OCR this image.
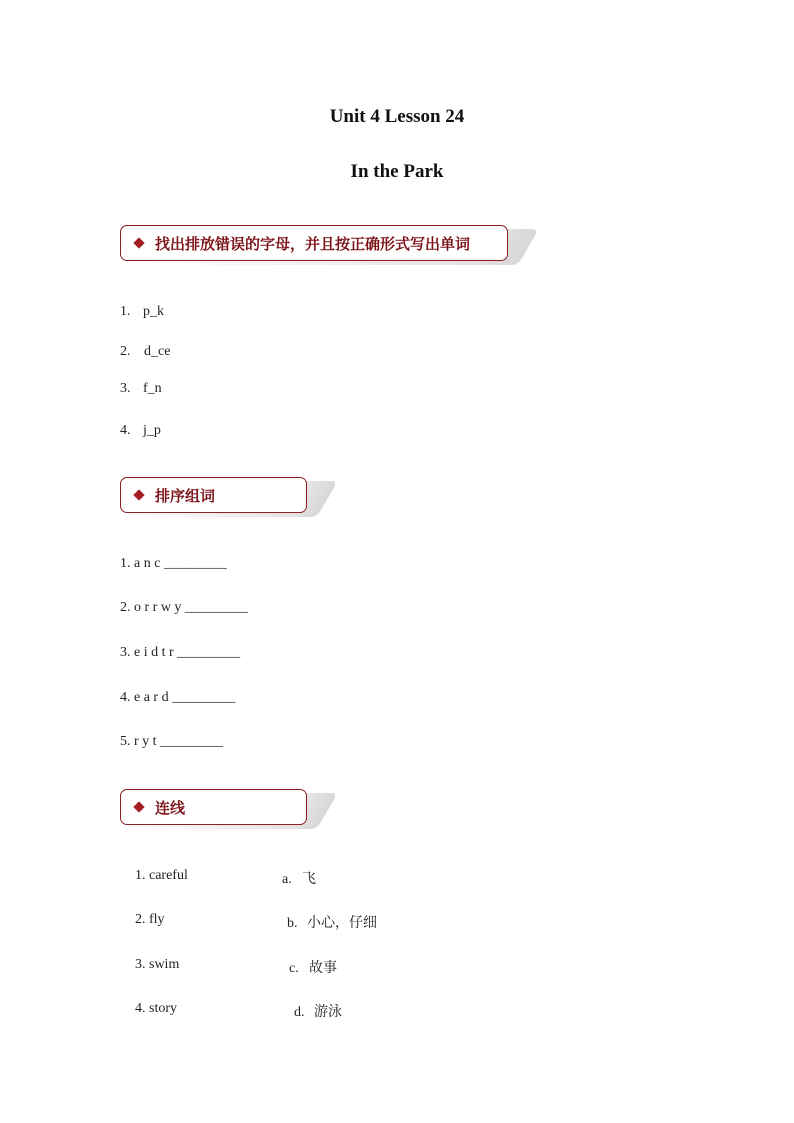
Unit 4 Lesson 24
In the Park
找出排放错误的字母，并且按正确形式写出单词
1. p_k
2. d_ce
3. f_n
4. j_p
排序组词
1. a n c _________
2. o r r w y _________
3. e i d t r _________
4. e a r d _________
5. r y t _________
连线
1. careful
2. fly
3. swim
4. story
a. 飞
b. 小心，仔细
c. 故事
d. 游泳
